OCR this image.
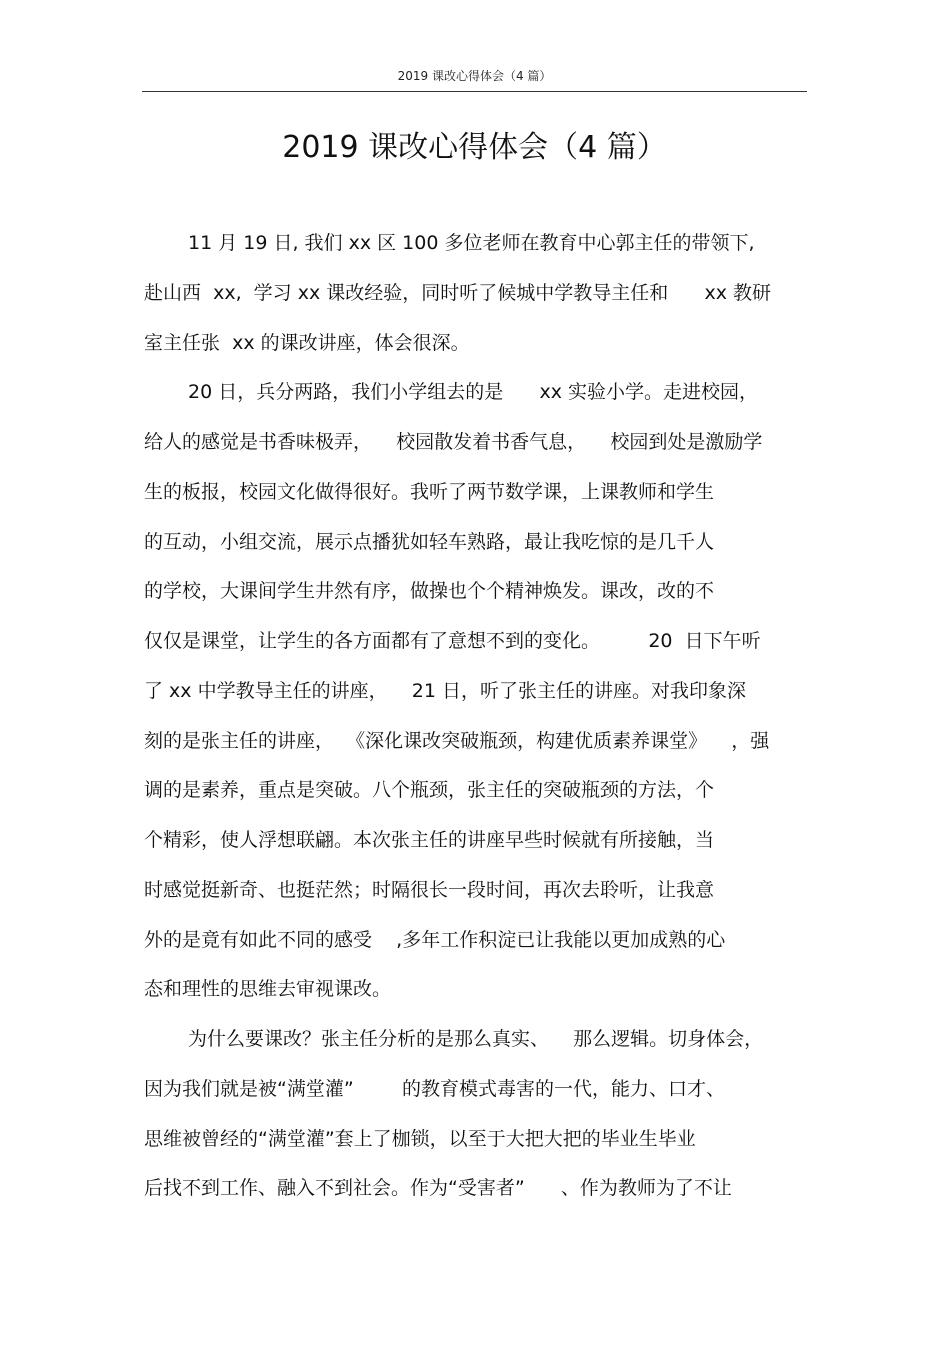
2019 课改心得体会（4 篇）
2019 课改心得体会（4 篇）
11 月 19 日, 我们 xx 区 100 多位老师在教育中心郭主任的带领下,
赴山西  xx,  学习 xx 课改经验，同时听了候城中学教导主任和      xx 教研
室主任张  xx 的课改讲座，体会很深。
20 日，兵分两路，我们小学组去的是      xx 实验小学。走进校园，
给人的感觉是书香味极弄，    校园散发着书香气息，    校园到处是激励学
生的板报，校园文化做得很好。我听了两节数学课，上课教师和学生
的互动，小组交流，展示点播犹如轻车熟路，最让我吃惊的是几千人
的学校，大课间学生井然有序，做操也个个精神焕发。课改，改的不
仅仅是课堂，让学生的各方面都有了意想不到的变化。        20  日下午听
了 xx 中学教导主任的讲座，    21 日，听了张主任的讲座。对我印象深
刻的是张主任的讲座，  《深化课改突破瓶颈，构建优质素养课堂》    ，强
调的是素养，重点是突破。八个瓶颈，张主任的突破瓶颈的方法，个
个精彩，使人浮想联翩。本次张主任的讲座早些时候就有所接触，当
时感觉挺新奇、也挺茫然；时隔很长一段时间，再次去聆听，让我意
外的是竟有如此不同的感受    ,多年工作积淀已让我能以更加成熟的心
态和理性的思维去审视课改。
为什么要课改？张主任分析的是那么真实、    那么逻辑。切身体会，
因为我们就是被“满堂灌”        的教育模式毒害的一代，能力、口才、
思维被曾经的“满堂灌”套上了枷锁，以至于大把大把的毕业生毕业
后找不到工作、融入不到社会。作为“受害者”      、作为教师为了不让
